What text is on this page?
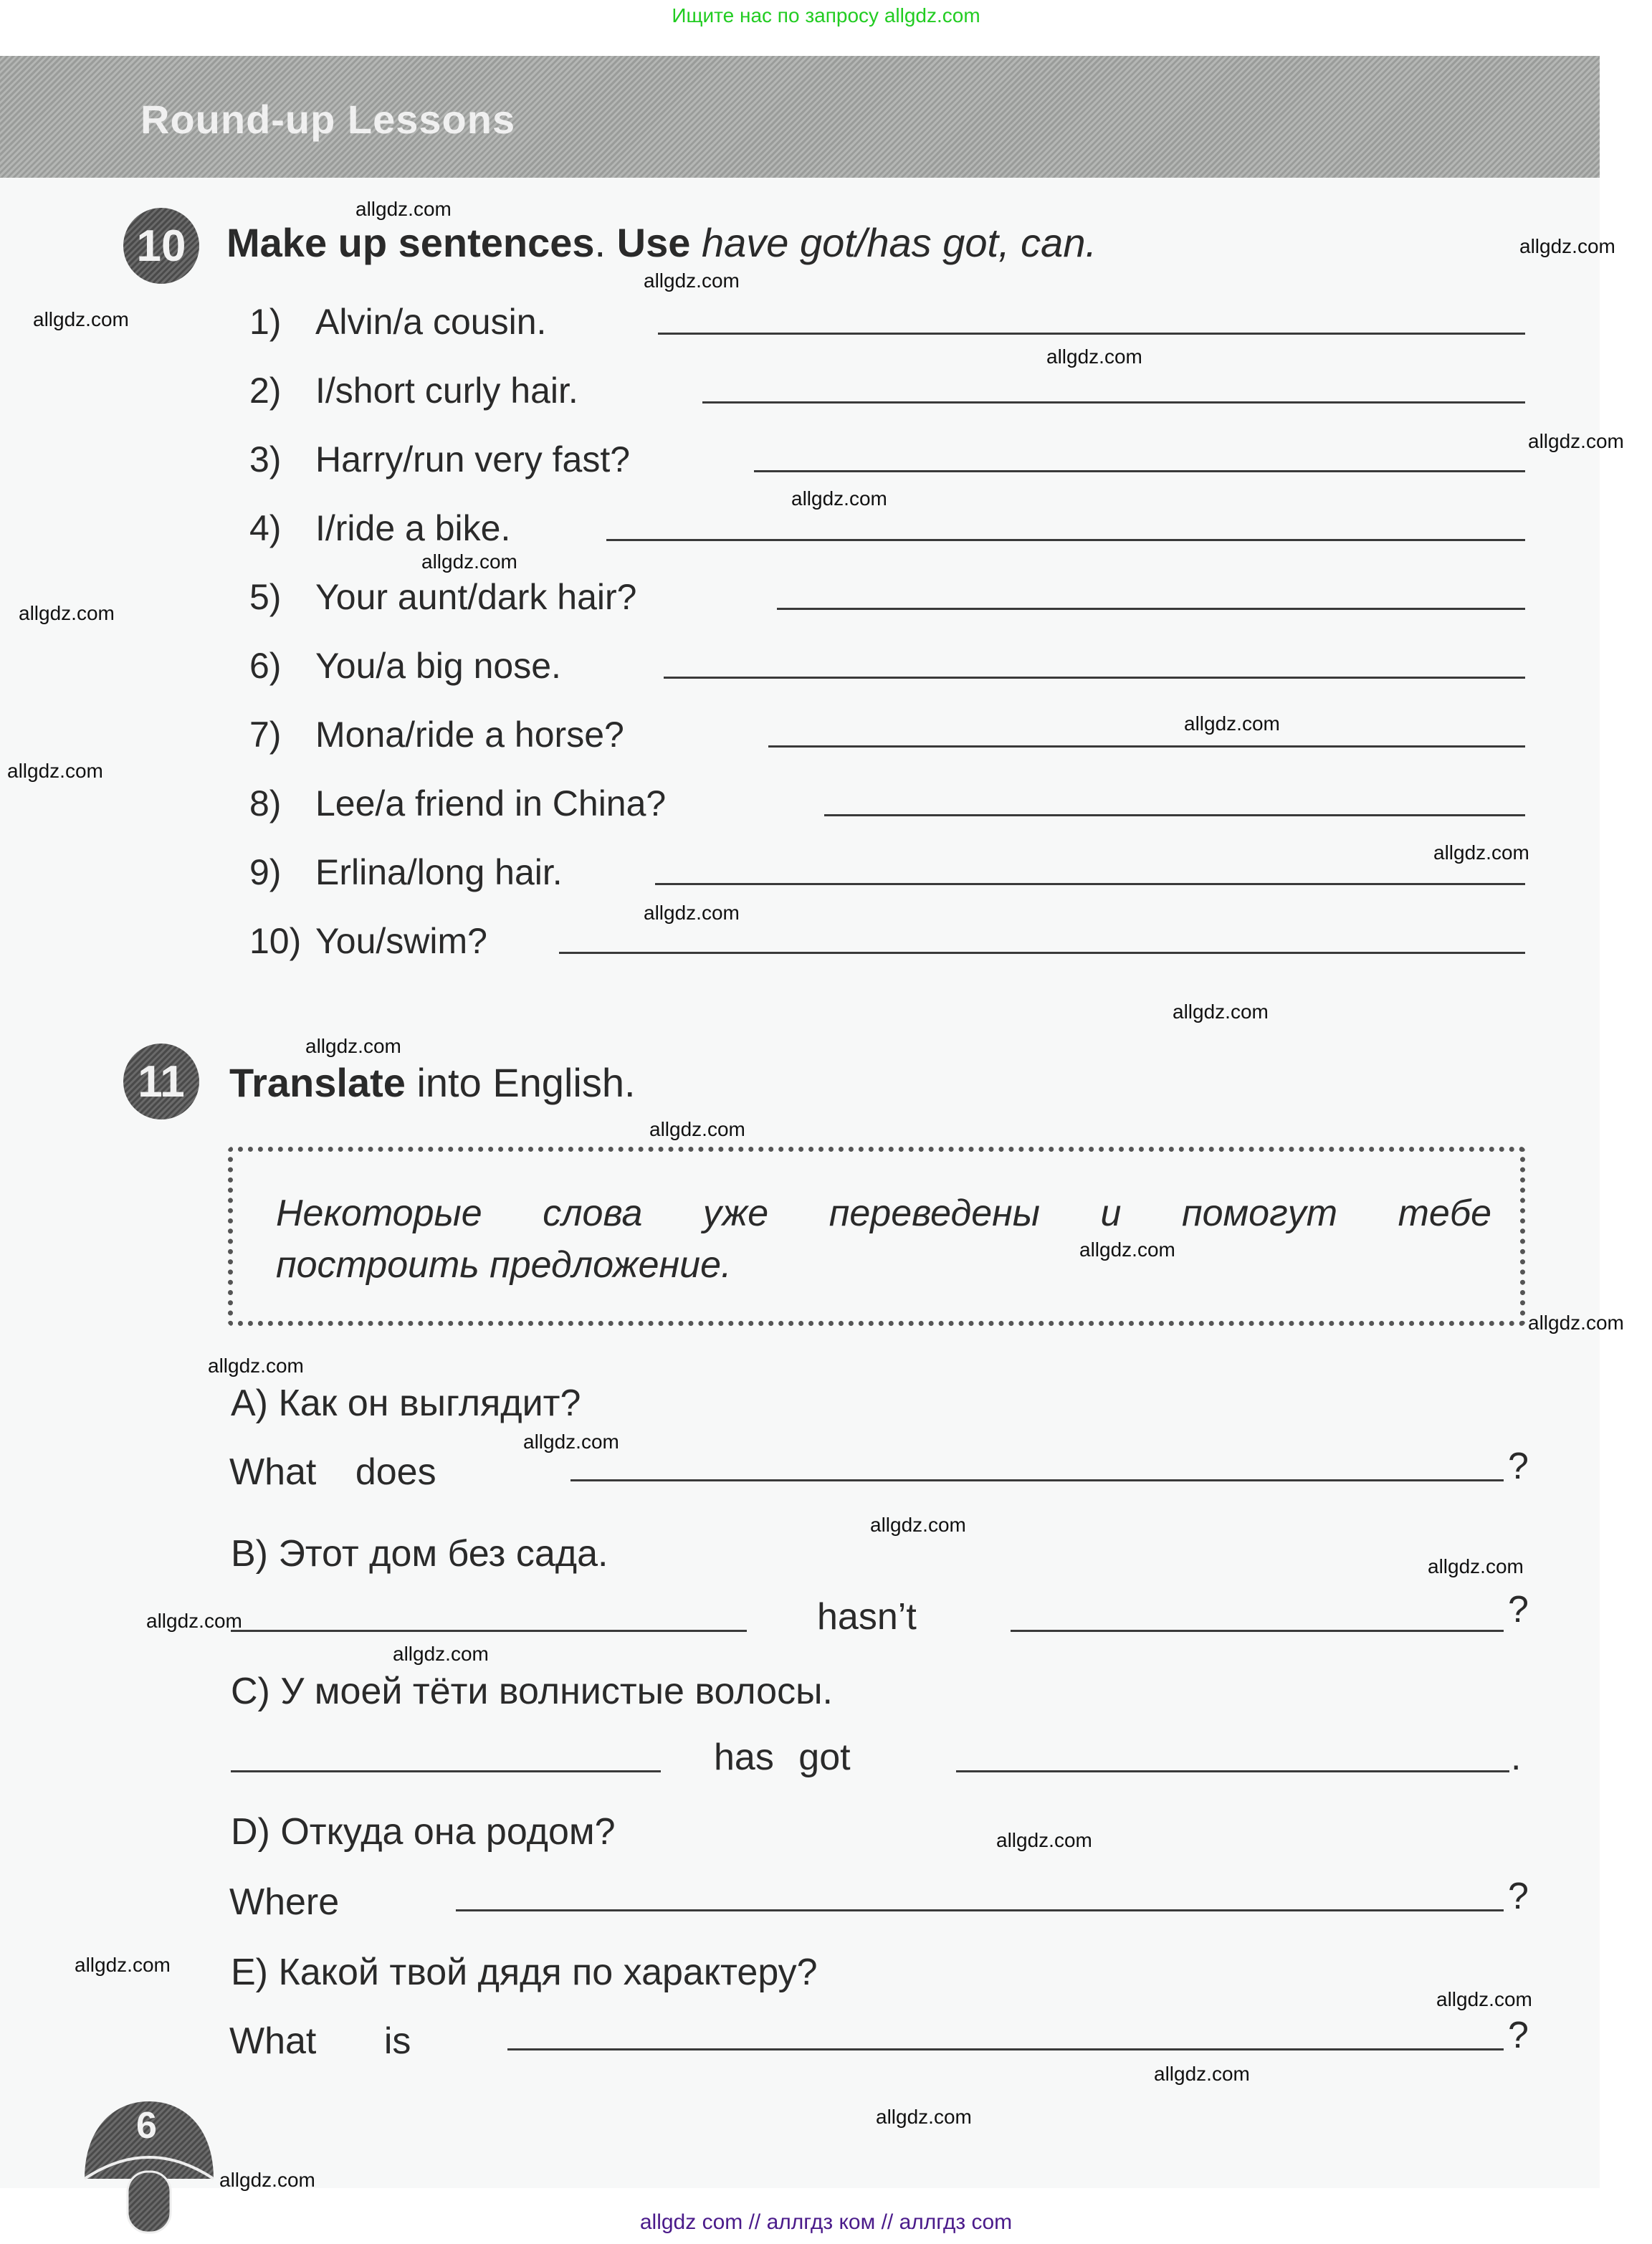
Ищите нас по запросу allgdz.com
Round-up Lessons
10	Make up sentences. Use have got/has got, can.
1) Alvin/a cousin.
2) I/short curly hair.
3) Harry/run very fast?
4) I/ride a bike.
5) Your aunt/dark hair?
6) You/a big nose.
7) Mona/ride a horse?
8) Lee/a friend in China?
9) Erlina/long hair.
10) You/swim?
11	Translate into English.
Некоторые слова уже переведены и помогут тебе
построить предложение.
A) Как он выглядит?
What does	?
B) Этот дом без сада.
hasn’t	?
C) У моей тёти волнистые волосы.
has got	.
D) Откуда она родом?
Where	?
E) Какой твой дядя по характеру?
What is	?
6
allgdz.com
allgdz.com
allgdz.com
allgdz.com
allgdz.com
allgdz.com
allgdz.com
allgdz.com
allgdz.com
allgdz.com
allgdz.com
allgdz.com
allgdz.com
allgdz.com
allgdz.com
allgdz.com
allgdz.com
allgdz.com
allgdz.com
allgdz.com
allgdz.com
allgdz.com
allgdz.com
allgdz.com
allgdz.com
allgdz.com
allgdz.com
allgdz.com
allgdz.com
allgdz.com
allgdz com // аллгдз ком // аллгдз com
